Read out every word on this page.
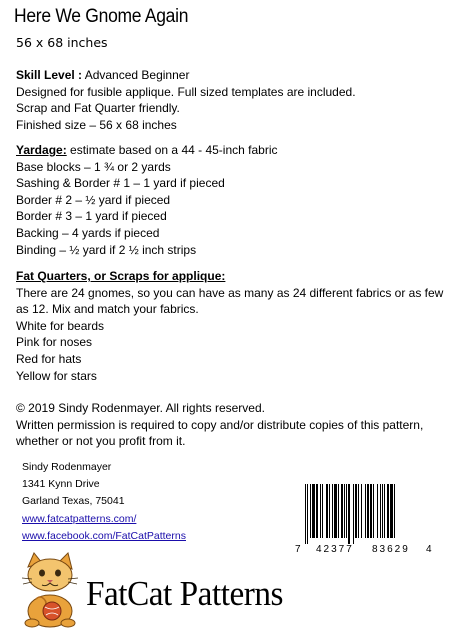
Here We Gnome Again
56 x 68 inches
Skill Level : Advanced Beginner
Designed for fusible applique. Full sized templates are included.
Scrap and Fat Quarter friendly.
Finished size – 56 x 68 inches
Yardage: estimate based on a 44 - 45-inch fabric
Base blocks – 1 ¾ or 2 yards
Sashing & Border # 1 – 1 yard if pieced
Border # 2 – ½ yard if pieced
Border # 3 – 1 yard if pieced
Backing – 4 yards if pieced
Binding – ½ yard if 2 ½ inch strips
Fat Quarters, or Scraps for applique:
There are 24 gnomes, so you can have as many as 24 different fabrics or as few as 12. Mix and match your fabrics.
White for beards
Pink for noses
Red for hats
Yellow for stars
© 2019 Sindy Rodenmayer. All rights reserved.
Written permission is required to copy and/or distribute copies of this pattern, whether or not you profit from it.
Sindy Rodenmayer
1341 Kynn Drive
Garland Texas, 75041
www.fatcatpatterns.com/
www.facebook.com/FatCatPatterns
7 42377 83629 4
FatCat Patterns
